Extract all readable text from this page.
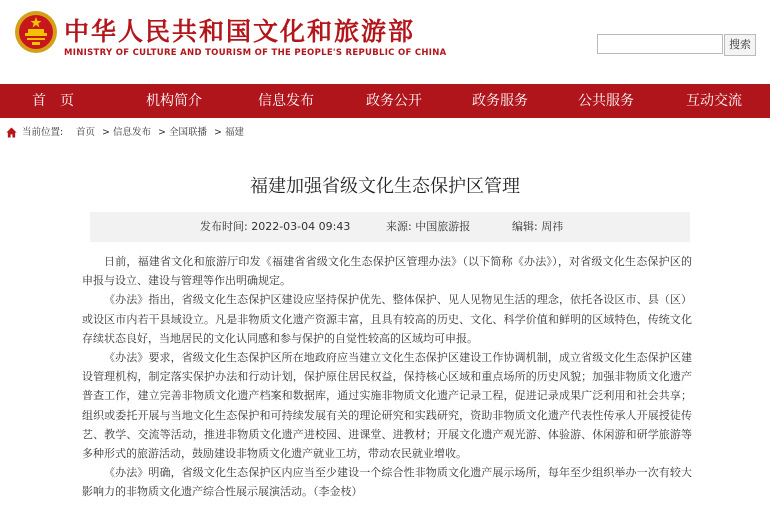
中华人民共和国文化和旅游部
MINISTRY OF CULTURE AND TOURISM OF THE PEOPLE'S REPUBLIC OF CHINA
搜索
首　页	机构简介	信息发布	政务公开	政务服务	公共服务	互动交流
当前位置: 首页 > 信息发布 > 全国联播 > 福建
福建加强省级文化生态保护区管理
发布时间: 2022-03-04 09:43	来源: 中国旅游报	编辑: 周祎

日前，福建省文化和旅游厅印发《福建省省级文化生态保护区管理办法》（以下简称《办法》），对省级文化生态保护区的申报与设立、建设与管理等作出明确规定。

《办法》指出，省级文化生态保护区建设应坚持保护优先、整体保护、见人见物见生活的理念，依托各设区市、县（区）或设区市内若干县域设立。凡是非物质文化遗产资源丰富，且具有较高的历史、文化、科学价值和鲜明的区域特色，传统文化存续状态良好，当地居民的文化认同感和参与保护的自觉性较高的区域均可申报。

《办法》要求，省级文化生态保护区所在地政府应当建立文化生态保护区建设工作协调机制，成立省级文化生态保护区建设管理机构，制定落实保护办法和行动计划，保护原住居民权益，保持核心区域和重点场所的历史风貌；加强非物质文化遗产普查工作，建立完善非物质文化遗产档案和数据库，通过实施非物质文化遗产记录工程，促进记录成果广泛利用和社会共享；组织或委托开展与当地文化生态保护和可持续发展有关的理论研究和实践研究，资助非物质文化遗产代表性传承人开展授徒传艺、教学、交流等活动，推进非物质文化遗产进校园、进课堂、进教材；开展文化遗产观光游、体验游、休闲游和研学旅游等多种形式的旅游活动，鼓励建设非物质文化遗产就业工坊，带动农民就业增收。

《办法》明确，省级文化生态保护区内应当至少建设一个综合性非物质文化遗产展示场所，每年至少组织举办一次有较大影响力的非物质文化遗产综合性展示展演活动。（李金枝）
